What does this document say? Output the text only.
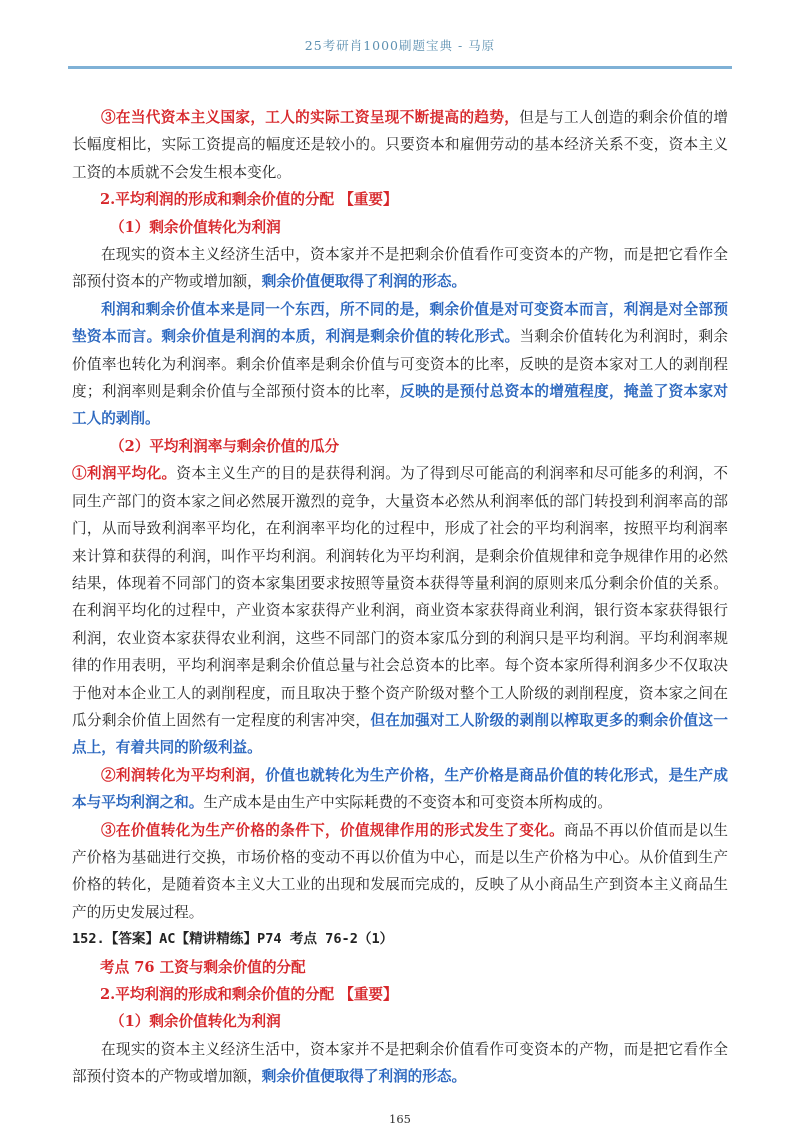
25考研肖1000刷题宝典 - 马原

③在当代资本主义国家，工人的实际工资呈现不断提高的趋势，但是与工人创造的剩余价值的增长幅度相比，实际工资提高的幅度还是较小的。只要资本和雇佣劳动的基本经济关系不变，资本主义工资的本质就不会发生根本变化。

2.平均利润的形成和剩余价值的分配 【重要】

（1）剩余价值转化为利润

在现实的资本主义经济生活中，资本家并不是把剩余价值看作可变资本的产物，而是把它看作全部预付资本的产物或增加额，剩余价值便取得了利润的形态。

利润和剩余价值本来是同一个东西，所不同的是，剩余价值是对可变资本而言，利润是对全部预垫资本而言。剩余价值是利润的本质，利润是剩余价值的转化形式。当剩余价值转化为利润时，剩余价值率也转化为利润率。剩余价值率是剩余价值与可变资本的比率，反映的是资本家对工人的剥削程度；利润率则是剩余价值与全部预付资本的比率，反映的是预付总资本的增殖程度，掩盖了资本家对工人的剥削。

（2）平均利润率与剩余价值的瓜分

①利润平均化。资本主义生产的目的是获得利润。为了得到尽可能高的利润率和尽可能多的利润，不同生产部门的资本家之间必然展开激烈的竞争，大量资本必然从利润率低的部门转投到利润率高的部门，从而导致利润率平均化，在利润率平均化的过程中，形成了社会的平均利润率，按照平均利润率来计算和获得的利润，叫作平均利润。利润转化为平均利润，是剩余价值规律和竞争规律作用的必然结果，体现着不同部门的资本家集团要求按照等量资本获得等量利润的原则来瓜分剩余价值的关系。在利润平均化的过程中，产业资本家获得产业利润，商业资本家获得商业利润，银行资本家获得银行利润，农业资本家获得农业利润，这些不同部门的资本家瓜分到的利润只是平均利润。平均利润率规律的作用表明，平均利润率是剩余价值总量与社会总资本的比率。每个资本家所得利润多少不仅取决于他对本企业工人的剥削程度，而且取决于整个资产阶级对整个工人阶级的剥削程度，资本家之间在瓜分剩余价值上固然有一定程度的利害冲突，但在加强对工人阶级的剥削以榨取更多的剩余价值这一点上，有着共同的阶级利益。

②利润转化为平均利润，价值也就转化为生产价格，生产价格是商品价值的转化形式，是生产成本与平均利润之和。生产成本是由生产中实际耗费的不变资本和可变资本所构成的。

③在价值转化为生产价格的条件下，价值规律作用的形式发生了变化。商品不再以价值而是以生产价格为基础进行交换，市场价格的变动不再以价值为中心，而是以生产价格为中心。从价值到生产价格的转化，是随着资本主义大工业的出现和发展而完成的，反映了从小商品生产到资本主义商品生产的历史发展过程。

152.【答案】AC【精讲精练】P74 考点 76-2（1）

考点 76 工资与剩余价值的分配

2.平均利润的形成和剩余价值的分配 【重要】

（1）剩余价值转化为利润

在现实的资本主义经济生活中，资本家并不是把剩余价值看作可变资本的产物，而是把它看作全部预付资本的产物或增加额，剩余价值便取得了利润的形态。

165
